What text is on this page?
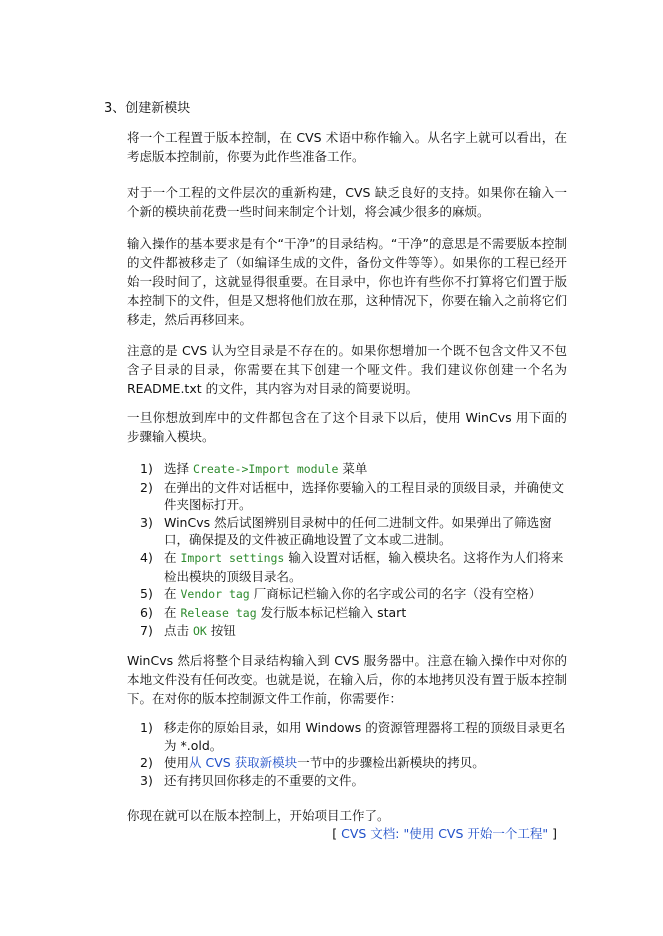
3、创建新模块

将一个工程置于版本控制，在 CVS 术语中称作输入。从名字上就可以看出，在考虑版本控制前，你要为此作些准备工作。

对于一个工程的文件层次的重新构建，CVS 缺乏良好的支持。如果你在输入一个新的模块前花费一些时间来制定个计划，将会减少很多的麻烦。

输入操作的基本要求是有个“干净”的目录结构。“干净”的意思是不需要版本控制的文件都被移走了（如编译生成的文件，备份文件等等）。如果你的工程已经开始一段时间了，这就显得很重要。在目录中，你也许有些你不打算将它们置于版本控制下的文件，但是又想将他们放在那，这种情况下，你要在输入之前将它们移走，然后再移回来。

注意的是 CVS 认为空目录是不存在的。如果你想增加一个既不包含文件又不包含子目录的目录，你需要在其下创建一个哑文件。我们建议你创建一个名为 README.txt 的文件，其内容为对目录的简要说明。

一旦你想放到库中的文件都包含在了这个目录下以后，使用 WinCvs 用下面的步骤输入模块。

1) 选择 Create->Import module 菜单
2) 在弹出的文件对话框中，选择你要输入的工程目录的顶级目录，并确使文件夹图标打开。
3) WinCvs 然后试图辨别目录树中的任何二进制文件。如果弹出了筛选窗口，确保提及的文件被正确地设置了文本或二进制。
4) 在 Import settings 输入设置对话框，输入模块名。这将作为人们将来检出模块的顶级目录名。
5) 在 Vendor tag 厂商标记栏输入你的名字或公司的名字（没有空格）
6) 在 Release tag 发行版本标记栏输入 start
7) 点击 OK 按钮

WinCvs 然后将整个目录结构输入到 CVS 服务器中。注意在输入操作中对你的本地文件没有任何改变。也就是说，在输入后，你的本地拷贝没有置于版本控制下。在对你的版本控制源文件工作前，你需要作：

1) 移走你的原始目录，如用 Windows 的资源管理器将工程的顶级目录更名为 *.old。
2) 使用从 CVS 获取新模块一节中的步骤检出新模块的拷贝。
3) 还有拷贝回你移走的不重要的文件。

你现在就可以在版本控制上，开始项目工作了。

[ CVS 文档: "使用 CVS 开始一个工程" ]
